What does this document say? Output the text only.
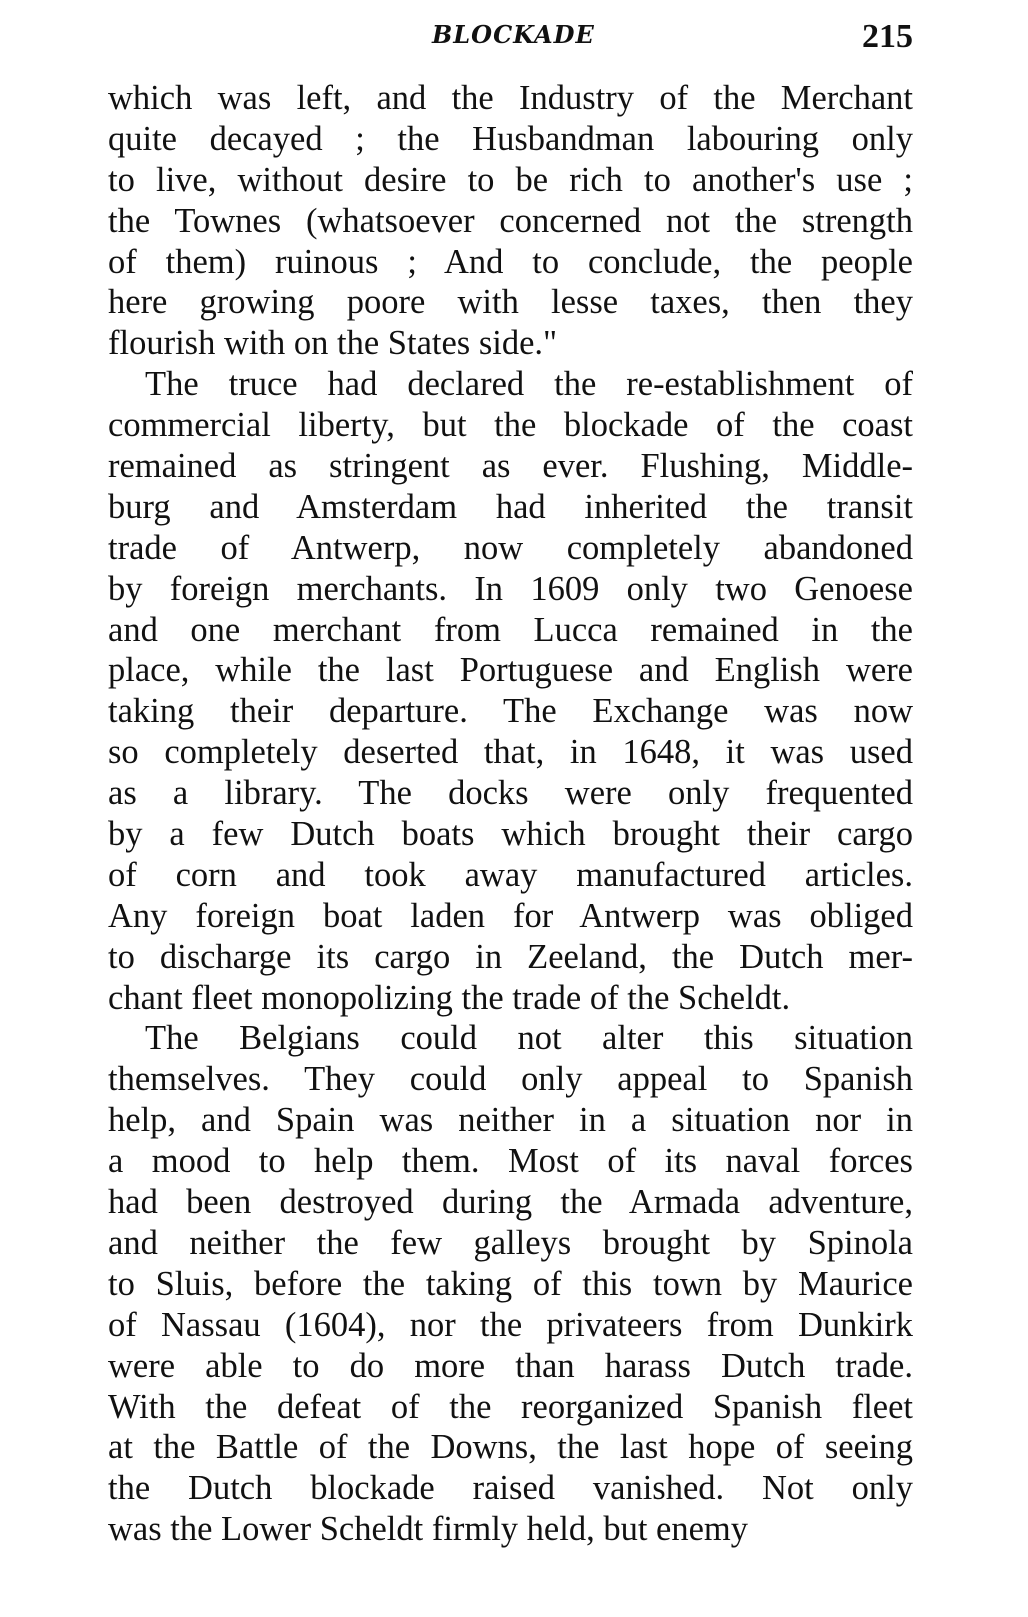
BLOCKADE	215
which was left, and the Industry of the Merchant
quite decayed ; the Husbandman labouring only
to live, without desire to be rich to another's use ;
the Townes (whatsoever concerned not the strength
of them) ruinous ; And to conclude, the people
here growing poore with lesse taxes, then they
flourish with on the States side."
The truce had declared the re-establishment of
commercial liberty, but the blockade of the coast
remained as stringent as ever. Flushing, Middle-
burg and Amsterdam had inherited the transit
trade of Antwerp, now completely abandoned
by foreign merchants. In 1609 only two Genoese
and one merchant from Lucca remained in the
place, while the last Portuguese and English were
taking their departure. The Exchange was now
so completely deserted that, in 1648, it was used
as a library. The docks were only frequented
by a few Dutch boats which brought their cargo
of corn and took away manufactured articles.
Any foreign boat laden for Antwerp was obliged
to discharge its cargo in Zeeland, the Dutch mer-
chant fleet monopolizing the trade of the Scheldt.
The Belgians could not alter this situation
themselves. They could only appeal to Spanish
help, and Spain was neither in a situation nor in
a mood to help them. Most of its naval forces
had been destroyed during the Armada adventure,
and neither the few galleys brought by Spinola
to Sluis, before the taking of this town by Maurice
of Nassau (1604), nor the privateers from Dunkirk
were able to do more than harass Dutch trade.
With the defeat of the reorganized Spanish fleet
at the Battle of the Downs, the last hope of seeing
the Dutch blockade raised vanished. Not only
was the Lower Scheldt firmly held, but enemy
